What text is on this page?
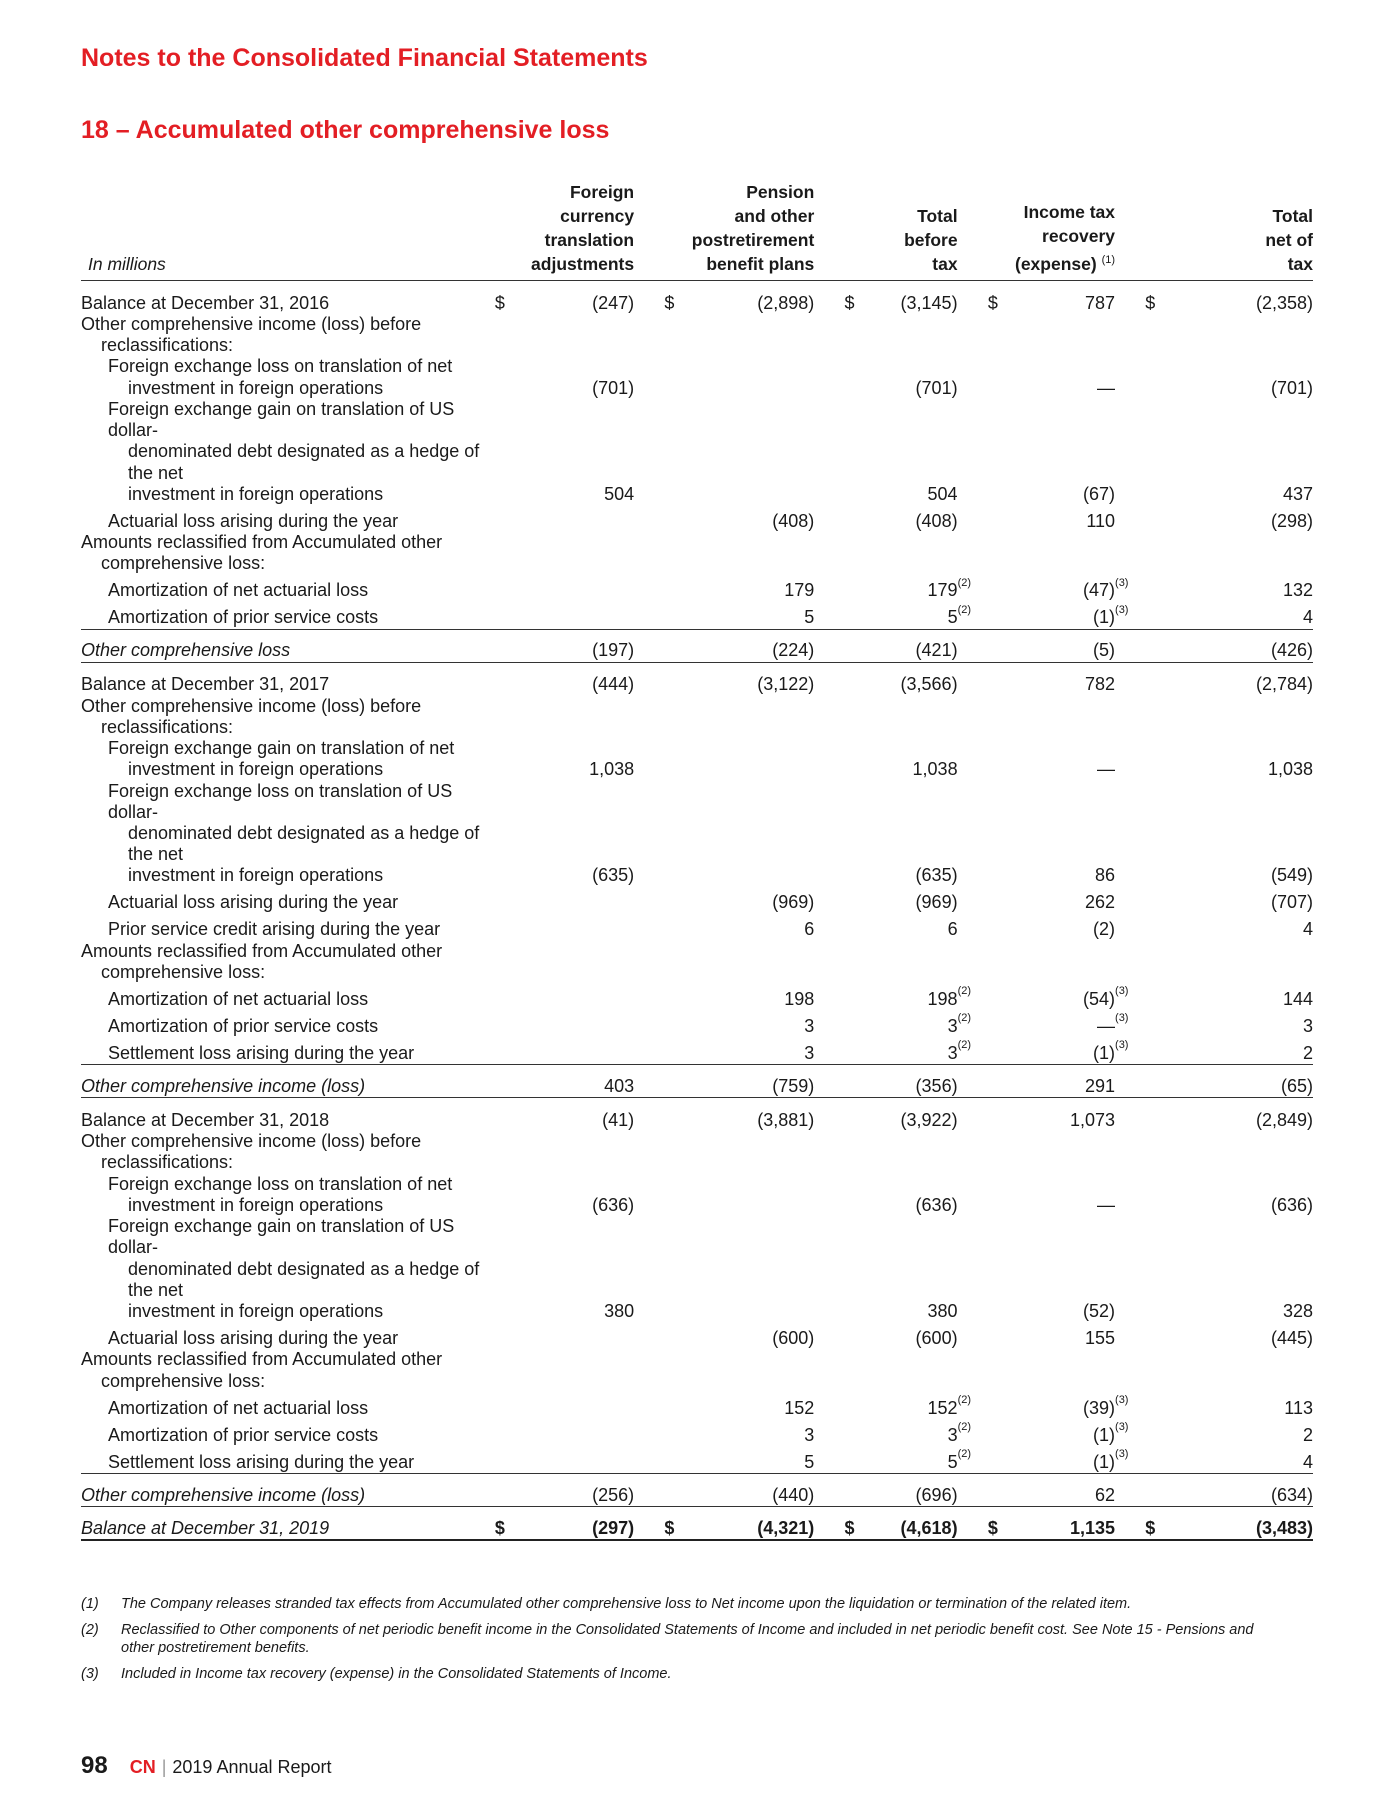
Notes to the Consolidated Financial Statements
18 – Accumulated other comprehensive loss
In millions		Foreign
currency
translation
adjustments			Pension
and other
postretirement
benefit plans			Total
before
tax			Income tax
recovery
(expense) $^{(1)}$			Total
net of
tax

Balance at December 31, 2016	$	(247)		$	(2,898)		$	(3,145)		$	787		$	(2,358)
Other comprehensive income (loss) before
reclassifications:														

Foreign exchange loss on translation of net
investment in foreign operations		(701)						(701)			—			(701)
Foreign exchange gain on translation of US dollar-
denominated debt designated as a hedge of the net
investment in foreign operations		504						504			(67)			437
Actuarial loss arising during the year					(408)			(408)			110			(298)
Amounts reclassified from Accumulated other
comprehensive loss:														

Amortization of net actuarial loss					179			179	(2)		(47)	(3)		132
Amortization of prior service costs					5			5	(2)		(1)	(3)		4
Other comprehensive loss		(197)			(224)			(421)			(5)			(426)
Balance at December 31, 2017		(444)			(3,122)			(3,566)			782			(2,784)
Other comprehensive income (loss) before
reclassifications:														

Foreign exchange gain on translation of net
investment in foreign operations		1,038						1,038			—			1,038
Foreign exchange loss on translation of US dollar-
denominated debt designated as a hedge of the net
investment in foreign operations		(635)						(635)			86			(549)
Actuarial loss arising during the year					(969)			(969)			262			(707)
Prior service credit arising during the year					6			6			(2)			4
Amounts reclassified from Accumulated other
comprehensive loss:														

Amortization of net actuarial loss					198			198	(2)		(54)	(3)		144
Amortization of prior service costs					3			3	(2)		—	(3)		3
Settlement loss arising during the year					3			3	(2)		(1)	(3)		2
Other comprehensive income (loss)		403			(759)			(356)			291			(65)
Balance at December 31, 2018		(41)			(3,881)			(3,922)			1,073			(2,849)
Other comprehensive income (loss) before
reclassifications:														

Foreign exchange loss on translation of net
investment in foreign operations		(636)						(636)			—			(636)
Foreign exchange gain on translation of US dollar-
denominated debt designated as a hedge of the net
investment in foreign operations		380						380			(52)			328
Actuarial loss arising during the year					(600)			(600)			155			(445)
Amounts reclassified from Accumulated other
comprehensive loss:														

Amortization of net actuarial loss					152			152	(2)		(39)	(3)		113
Amortization of prior service costs					3			3	(2)		(1)	(3)		2
Settlement loss arising during the year					5			5	(2)		(1)	(3)		4
Other comprehensive income (loss)		(256)			(440)			(696)			62			(634)
Balance at December 31, 2019	$	(297)		$	(4,321)		$	(4,618)		$	1,135		$	(3,483)
(1)	The Company releases stranded tax effects from Accumulated other comprehensive loss to Net income upon the liquidation or termination of the related item.
(2)	Reclassified to Other components of net periodic benefit income in the Consolidated Statements of Income and included in net periodic benefit cost. See Note 15 - Pensions and other postretirement benefits.
(3)	Included in Income tax recovery (expense) in the Consolidated Statements of Income.
98 CN | 2019 Annual Report
